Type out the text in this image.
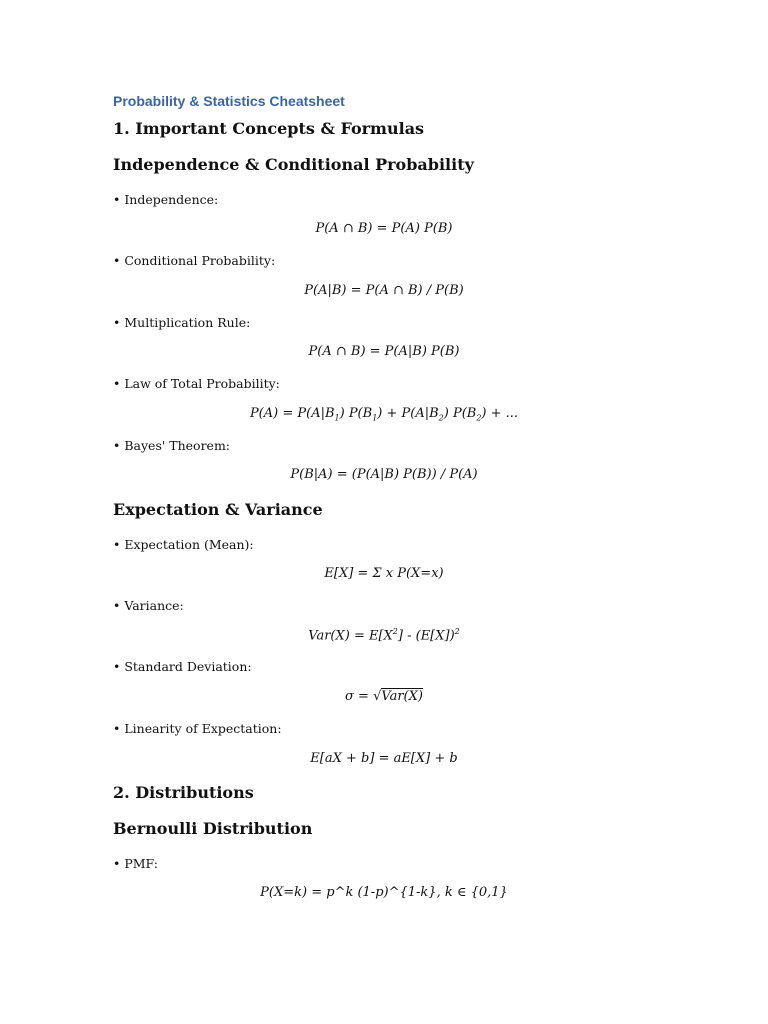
Probability & Statistics Cheatsheet
1. Important Concepts & Formulas
Independence & Conditional Probability
• Independence:
P(A ∩ B) = P(A) P(B)
• Conditional Probability:
P(A|B) = P(A ∩ B) / P(B)
• Multiplication Rule:
P(A ∩ B) = P(A|B) P(B)
• Law of Total Probability:
$P(A) = P(A|B_1) P(B_1) + P(A|B_2) P(B_2)$ + ...
• Bayes' Theorem:
P(B|A) = (P(A|B) P(B)) / P(A)
Expectation & Variance
• Expectation (Mean):
E[X] = Σ x P(X=x)
• Variance:
$Var(X) = E[X^2] - (E[X])^2$
• Standard Deviation:
σ = √Var(X)
• Linearity of Expectation:
E[aX + b] = aE[X] + b
2. Distributions
Bernoulli Distribution
• PMF:
P(X=k) = p^k (1-p)^{1-k}, k ∈ {0,1}
